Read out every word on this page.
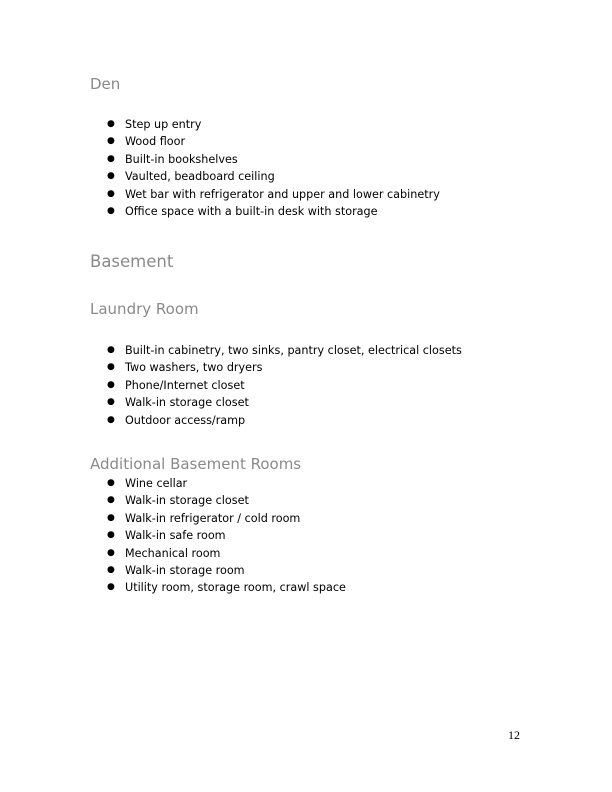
Den
● Step up entry
● Wood floor
● Built-in bookshelves
● Vaulted, beadboard ceiling
● Wet bar with refrigerator and upper and lower cabinetry
● Office space with a built-in desk with storage
Basement
Laundry Room
● Built-in cabinetry, two sinks, pantry closet, electrical closets
● Two washers, two dryers
● Phone/Internet closet
● Walk-in storage closet
● Outdoor access/ramp
Additional Basement Rooms
● Wine cellar
● Walk-in storage closet
● Walk-in refrigerator / cold room
● Walk-in safe room
● Mechanical room
● Walk-in storage room
● Utility room, storage room, crawl space
12
